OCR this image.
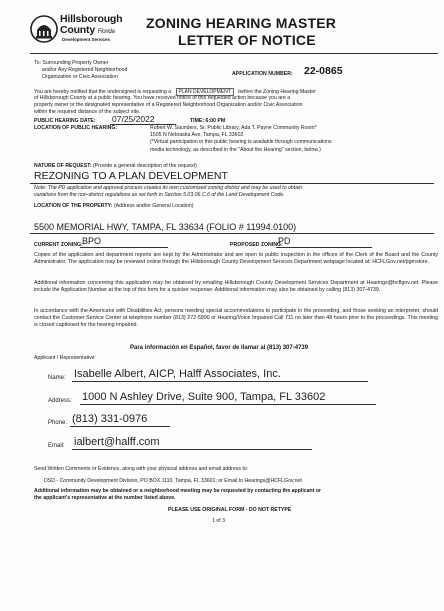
Hillsborough
County Florida
Development Services
ZONING HEARING MASTER
LETTER OF NOTICE
To: Surrounding Property Owner
and/or Any Registered Neighborhood
Organization or Civic Association	APPLICATION NUMBER: 22-0865
You are hereby notified that the undersigned is requesting a PLAN DEVELOPMENT before the Zoning Hearing Master
of Hillsborough County at a public hearing. You have received notice of this requested action because you are a
property owner or the designated representative of a Registered Neighborhood Organization and/or Civic Association
within the required distance of the subject site.
PUBLIC HEARING DATE: 07/25/2022	TIME: 6:00 PM
LOCATION OF PUBLIC HEARING:	Robert W. Saunders, Sr. Public Library, Ada T. Payne Community Room*
1505 N Nebraska Ave, Tampa, FL 33602
(*Virtual participation in this public hearing is available through communications
media technology, as described in the "About the Hearing" section, below.)
NATURE OF REQUEST: (Provide a general description of the request)
REZONING TO A PLAN DEVELOPMENT
Note: The PD application and approval process creates its own customized zoning district and may be used to obtain
variations from the non-district regulations as set forth in Section 5.03.06.C.6 of the Land Development Code.
LOCATION OF THE PROPERTY: (Address and/or General Location)
5500 MEMORIAL HWY, TAMPA, FL 33634 (FOLIO # 11994.0100)
CURRENT ZONING: BPO	PROPOSED ZONING:
PD
Copies of the application and department reports are kept by the Administrator and are open to public inspection in the offices of the Clerk of the Board and the County Administrator. The application may be reviewed online through the Hillsborough County Development Services Department webpage located at: HCFLGov.net/pgmstore.
Additional information concerning this application may be obtained by emailing Hillsborough County Development Services Department at Hearings@hcflgov.net. Please include the Application Number at the top of this form for a quicker response. Additional information may also be obtained by calling (813) 307-4739.
In accordance with the Americans with Disabilities Act, persons needing special accommodations to participate in the proceeding, and those seeking an interpreter, should contact the Customer Service Center at telephone number (813) 272-5900 or Hearing/Voice Impaired Call 711 no later than 48 hours prior to the proceedings. This meeting is closed captioned for the hearing impaired.
Para información en Español, favor de llamar al (813) 307-4739
Applicant / Representative
Name: Isabelle Albert, AICP, Halff Associates, Inc.
Address: 1000 N Ashley Drive, Suite 900, Tampa, FL 33602
Phone: (813) 331-0976
Email: ialbert@halff.com
Send Written Comments or Evidence, along with your physical address and email address to:
DSD - Community Development Division, PO BOX 1110, Tampa, FL 33601; or Email to Hearings@HCFLGov.net
Additional information may be obtained or a neighborhood meeting may be requested by contacting the applicant or
the applicant's representative at the number listed above.
PLEASE USE ORIGINAL FORM - DO NOT RETYPE
1 of 3
